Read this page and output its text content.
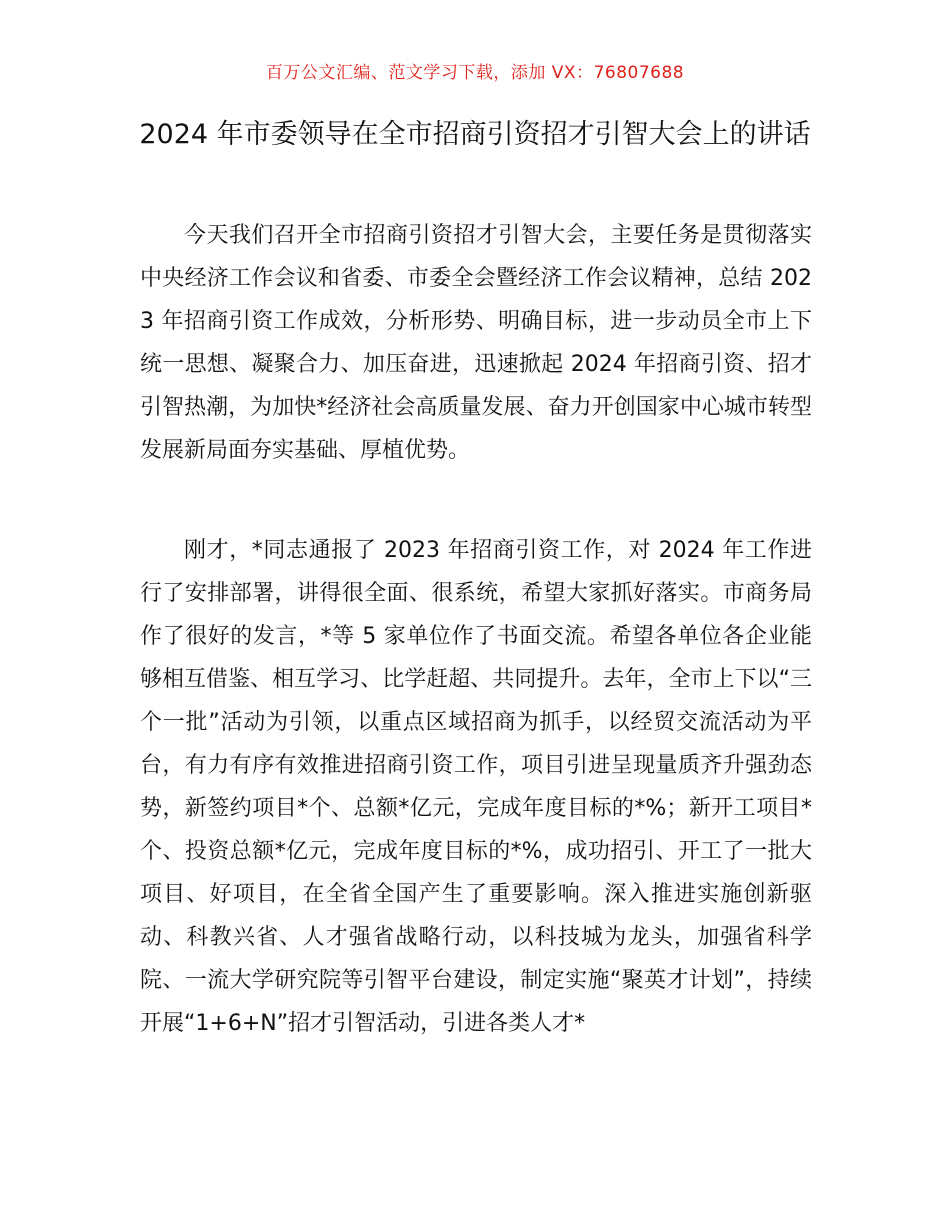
百万公文汇编、范文学习下载，添加 VX：76807688
2024 年市委领导在全市招商引资招才引智大会上的讲话

今天我们召开全市招商引资招才引智大会，主要任务是贯彻落实中央经济工作会议和省委、市委全会暨经济工作会议精神，总结 2023 年招商引资工作成效，分析形势、明确目标，进一步动员全市上下统一思想、凝聚合力、加压奋进，迅速掀起 2024 年招商引资、招才引智热潮，为加快*经济社会高质量发展、奋力开创国家中心城市转型发展新局面夯实基础、厚植优势。

刚才，*同志通报了 2023 年招商引资工作，对 2024 年工作进行了安排部署，讲得很全面、很系统，希望大家抓好落实。市商务局作了很好的发言，*等 5 家单位作了书面交流。希望各单位各企业能够相互借鉴、相互学习、比学赶超、共同提升。去年，全市上下以“三个一批”活动为引领，以重点区域招商为抓手，以经贸交流活动为平台，有力有序有效推进招商引资工作，项目引进呈现量质齐升强劲态势，新签约项目*个、总额*亿元，完成年度目标的*%；新开工项目*个、投资总额*亿元，完成年度目标的*%，成功招引、开工了一批大项目、好项目，在全省全国产生了重要影响。深入推进实施创新驱动、科教兴省、人才强省战略行动，以科技城为龙头，加强省科学院、一流大学研究院等引智平台建设，制定实施“聚英才计划”，持续开展“1+6+N”招才引智活动，引进各类人才*
